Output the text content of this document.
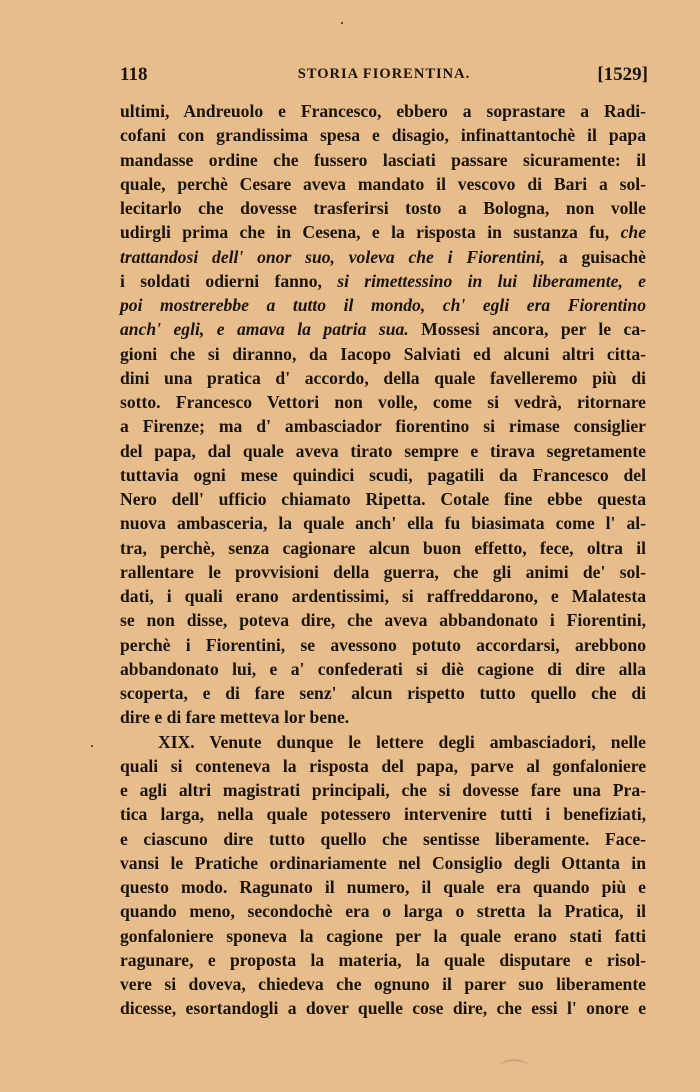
118	STORIA FIORENTINA.	[1529]
ultimi, Andreuolo e Francesco, ebbero a soprastare a Radi-
cofani con grandissima spesa e disagio, infinattantochè il papa
mandasse ordine che fussero lasciati passare sicuramente: il
quale, perchè Cesare aveva mandato il vescovo di Bari a sol-
lecitarlo che dovesse trasferirsi tosto a Bologna, non volle
udirgli prima che in Cesena, e la risposta in sustanza fu, che
trattandosi dell' onor suo, voleva che i Fiorentini, a guisachè
i soldati odierni fanno, si rimettessino in lui liberamente, e
poi mostrerebbe a tutto il mondo, ch' egli era Fiorentino
anch' egli, e amava la patria sua. Mossesi ancora, per le ca-
gioni che si diranno, da Iacopo Salviati ed alcuni altri citta-
dini una pratica d' accordo, della quale favelleremo più di
sotto. Francesco Vettori non volle, come si vedrà, ritornare
a Firenze; ma d' ambasciador fiorentino si rimase consiglier
del papa, dal quale aveva tirato sempre e tirava segretamente
tuttavia ogni mese quindici scudi, pagatili da Francesco del
Nero dell' ufficio chiamato Ripetta. Cotale fine ebbe questa
nuova ambasceria, la quale anch' ella fu biasimata come l' al-
tra, perchè, senza cagionare alcun buon effetto, fece, oltra il
rallentare le provvisioni della guerra, che gli animi de' sol-
dati, i quali erano ardentissimi, si raffreddarono, e Malatesta
se non disse, poteva dire, che aveva abbandonato i Fiorentini,
perchè i Fiorentini, se avessono potuto accordarsi, arebbono
abbandonato lui, e a' confederati si diè cagione di dire alla
scoperta, e di fare senz' alcun rispetto tutto quello che di
dire e di fare metteva lor bene.
XIX. Venute dunque le lettere degli ambasciadori, nelle
quali si conteneva la risposta del papa, parve al gonfaloniere
e agli altri magistrati principali, che si dovesse fare una Pra-
tica larga, nella quale potessero intervenire tutti i benefiziati,
e ciascuno dire tutto quello che sentisse liberamente. Face-
vansi le Pratiche ordinariamente nel Consiglio degli Ottanta in
questo modo. Ragunato il numero, il quale era quando più e
quando meno, secondochè era o larga o stretta la Pratica, il
gonfaloniere sponeva la cagione per la quale erano stati fatti
ragunare, e proposta la materia, la quale disputare e risol-
vere si doveva, chiedeva che ognuno il parer suo liberamente
dicesse, esortandogli a dover quelle cose dire, che essi l' onore e
⌒
